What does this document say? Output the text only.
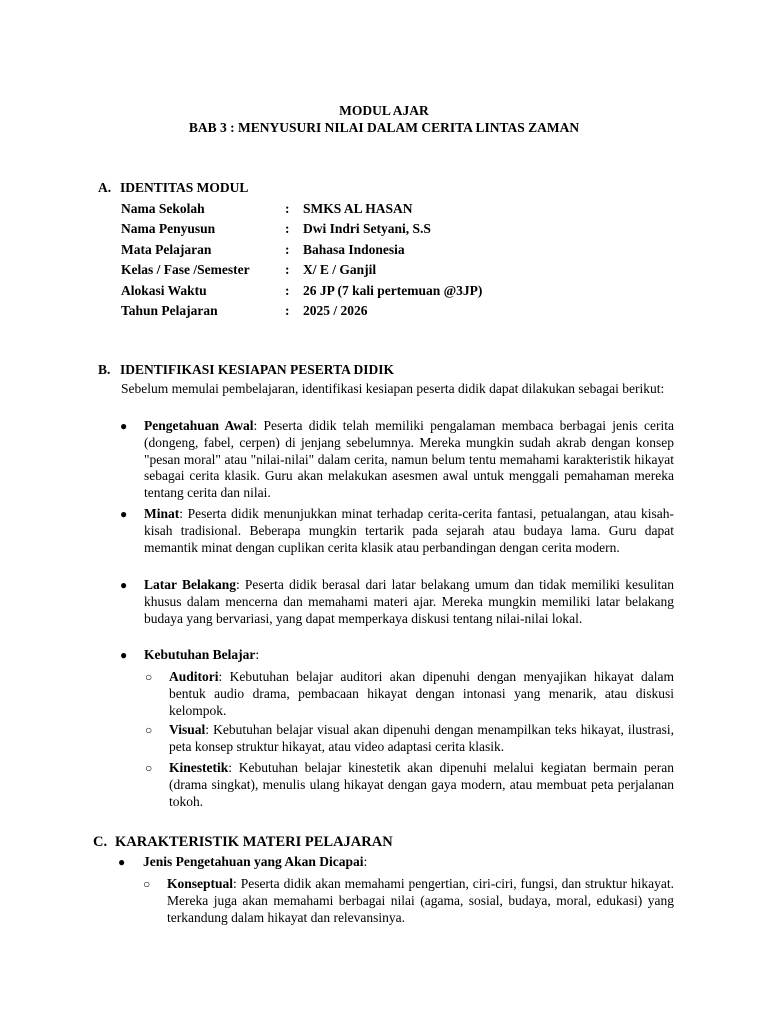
MODUL AJAR
BAB 3 : MENYUSURI NILAI DALAM CERITA LINTAS ZAMAN
A. IDENTITAS MODUL
Nama Sekolah	: SMKS AL HASAN
Nama Penyusun	: Dwi Indri Setyani, S.S
Mata Pelajaran	: Bahasa Indonesia
Kelas / Fase /Semester	: X/ E / Ganjil
Alokasi Waktu	: 26 JP (7 kali pertemuan @3JP)
Tahun Pelajaran	: 2025 / 2026
B. IDENTIFIKASI KESIAPAN PESERTA DIDIK
Sebelum memulai pembelajaran, identifikasi kesiapan peserta didik dapat dilakukan sebagai berikut:
● Pengetahuan Awal: Peserta didik telah memiliki pengalaman membaca berbagai jenis cerita (dongeng, fabel, cerpen) di jenjang sebelumnya. Mereka mungkin sudah akrab dengan konsep "pesan moral" atau "nilai-nilai" dalam cerita, namun belum tentu memahami karakteristik hikayat sebagai cerita klasik. Guru akan melakukan asesmen awal untuk menggali pemahaman mereka tentang cerita dan nilai.
● Minat: Peserta didik menunjukkan minat terhadap cerita-cerita fantasi, petualangan, atau kisah-kisah tradisional. Beberapa mungkin tertarik pada sejarah atau budaya lama. Guru dapat memantik minat dengan cuplikan cerita klasik atau perbandingan dengan cerita modern.
● Latar Belakang: Peserta didik berasal dari latar belakang umum dan tidak memiliki kesulitan khusus dalam mencerna dan memahami materi ajar. Mereka mungkin memiliki latar belakang budaya yang bervariasi, yang dapat memperkaya diskusi tentang nilai-nilai lokal.
● Kebutuhan Belajar:
○ Auditori: Kebutuhan belajar auditori akan dipenuhi dengan menyajikan hikayat dalam bentuk audio drama, pembacaan hikayat dengan intonasi yang menarik, atau diskusi kelompok.
○ Visual: Kebutuhan belajar visual akan dipenuhi dengan menampilkan teks hikayat, ilustrasi, peta konsep struktur hikayat, atau video adaptasi cerita klasik.
○ Kinestetik: Kebutuhan belajar kinestetik akan dipenuhi melalui kegiatan bermain peran (drama singkat), menulis ulang hikayat dengan gaya modern, atau membuat peta perjalanan tokoh.
C. KARAKTERISTIK MATERI PELAJARAN
● Jenis Pengetahuan yang Akan Dicapai:
○ Konseptual: Peserta didik akan memahami pengertian, ciri-ciri, fungsi, dan struktur hikayat. Mereka juga akan memahami berbagai nilai (agama, sosial, budaya, moral, edukasi) yang terkandung dalam hikayat dan relevansinya.
